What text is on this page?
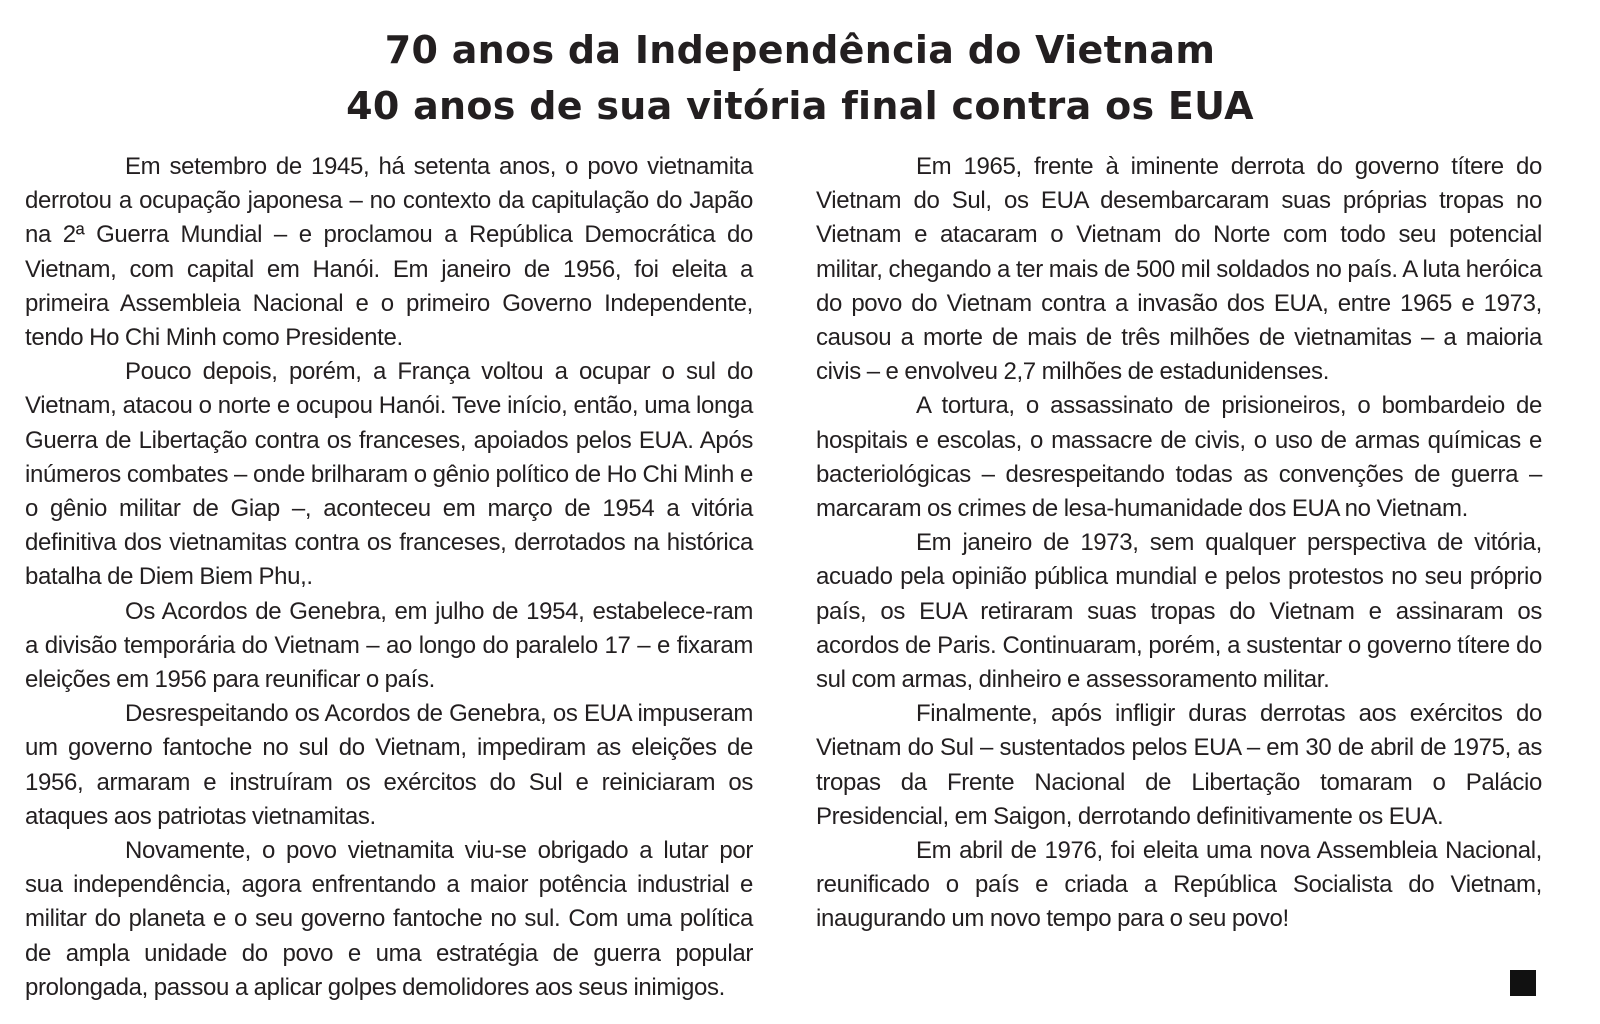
70 anos da Independência do Vietnam
40 anos de sua vitória final contra os EUA

Em setembro de 1945, há setenta anos, o povo vietnamita derrotou a ocupação japonesa – no contexto da capitulação do Japão na 2ª Guerra Mundial – e proclamou a República Democrática do Vietnam, com capital em Hanói. Em janeiro de 1956, foi eleita a primeira Assembleia Nacional e o primeiro Governo Independente, tendo Ho Chi Minh como Presidente.

Pouco depois, porém, a França voltou a ocupar o sul do Vietnam, atacou o norte e ocupou Hanói. Teve início, então, uma longa Guerra de Libertação contra os franceses, apoiados pelos EUA. Após inúmeros combates – onde brilharam o gênio político de Ho Chi Minh e o gênio militar de Giap –, aconteceu em março de 1954 a vitória definitiva dos vietnamitas contra os franceses, derrotados na histórica batalha de Diem Biem Phu,.

Os Acordos de Genebra, em julho de 1954, estabelece-ram a divisão temporária do Vietnam – ao longo do paralelo 17 – e fixaram eleições em 1956 para reunificar o país.

Desrespeitando os Acordos de Genebra, os EUA impuseram um governo fantoche no sul do Vietnam, impediram as eleições de 1956, armaram e instruíram os exércitos do Sul e reiniciaram os ataques aos patriotas vietnamitas.

Novamente, o povo vietnamita viu-se obrigado a lutar por sua independência, agora enfrentando a maior potência industrial e militar do planeta e o seu governo fantoche no sul. Com uma política de ampla unidade do povo e uma estratégia de guerra popular prolongada, passou a aplicar golpes demolidores aos seus inimigos.

Em 1965, frente à iminente derrota do governo títere do Vietnam do Sul, os EUA desembarcaram suas próprias tropas no Vietnam e atacaram o Vietnam do Norte com todo seu potencial militar, chegando a ter mais de 500 mil soldados no país. A luta heróica do povo do Vietnam contra a invasão dos EUA, entre 1965 e 1973, causou a morte de mais de três milhões de vietnamitas – a maioria civis – e envolveu 2,7 milhões de estadunidenses.

A tortura, o assassinato de prisioneiros, o bombardeio de hospitais e escolas, o massacre de civis, o uso de armas químicas e bacteriológicas – desrespeitando todas as convenções de guerra – marcaram os crimes de lesa-humanidade dos EUA no Vietnam.

Em janeiro de 1973, sem qualquer perspectiva de vitória, acuado pela opinião pública mundial e pelos protestos no seu próprio país, os EUA retiraram suas tropas do Vietnam e assinaram os acordos de Paris. Continuaram, porém, a sustentar o governo títere do sul com armas, dinheiro e assessoramento militar.

Finalmente, após infligir duras derrotas aos exércitos do Vietnam do Sul – sustentados pelos EUA – em 30 de abril de 1975, as tropas da Frente Nacional de Libertação tomaram o Palácio Presidencial, em Saigon, derrotando definitivamente os EUA.

Em abril de 1976, foi eleita uma nova Assembleia Nacional, reunificado o país e criada a República Socialista do Vietnam, inaugurando um novo tempo para o seu povo!
